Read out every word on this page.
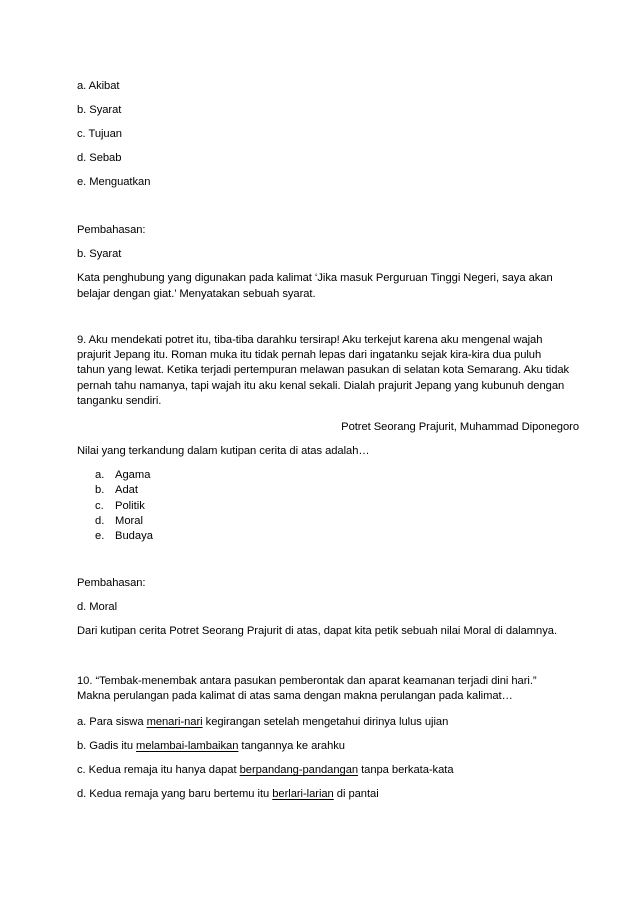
a. Akibat
b. Syarat
c. Tujuan
d. Sebab
e. Menguatkan
Pembahasan:
b. Syarat
Kata penghubung yang digunakan pada kalimat ‘Jika masuk Perguruan Tinggi Negeri, saya akan
belajar dengan giat.’ Menyatakan sebuah syarat.
9. Aku mendekati potret itu, tiba-tiba darahku tersirap! Aku terkejut karena aku mengenal wajah
prajurit Jepang itu. Roman muka itu tidak pernah lepas dari ingatanku sejak kira-kira dua puluh
tahun yang lewat. Ketika terjadi pertempuran melawan pasukan di selatan kota Semarang. Aku tidak
pernah tahu namanya, tapi wajah itu aku kenal sekali. Dialah prajurit Jepang yang kubunuh dengan
tanganku sendiri.
Potret Seorang Prajurit, Muhammad Diponegoro
Nilai yang terkandung dalam kutipan cerita di atas adalah…
a. Agama
b. Adat
c.	Politik
d. Moral
e. Budaya
Pembahasan:
d. Moral
Dari kutipan cerita Potret Seorang Prajurit di atas, dapat kita petik sebuah nilai Moral di dalamnya.
10. “Tembak-menembak antara pasukan pemberontak dan aparat keamanan terjadi dini hari.”
Makna perulangan pada kalimat di atas sama dengan makna perulangan pada kalimat…
a. Para siswa menari-nari kegirangan setelah mengetahui dirinya lulus ujian
b. Gadis itu melambai-lambaikan tangannya ke arahku
c. Kedua remaja itu hanya dapat berpandang-pandangan tanpa berkata-kata
d. Kedua remaja yang baru bertemu itu berlari-larian di pantai
